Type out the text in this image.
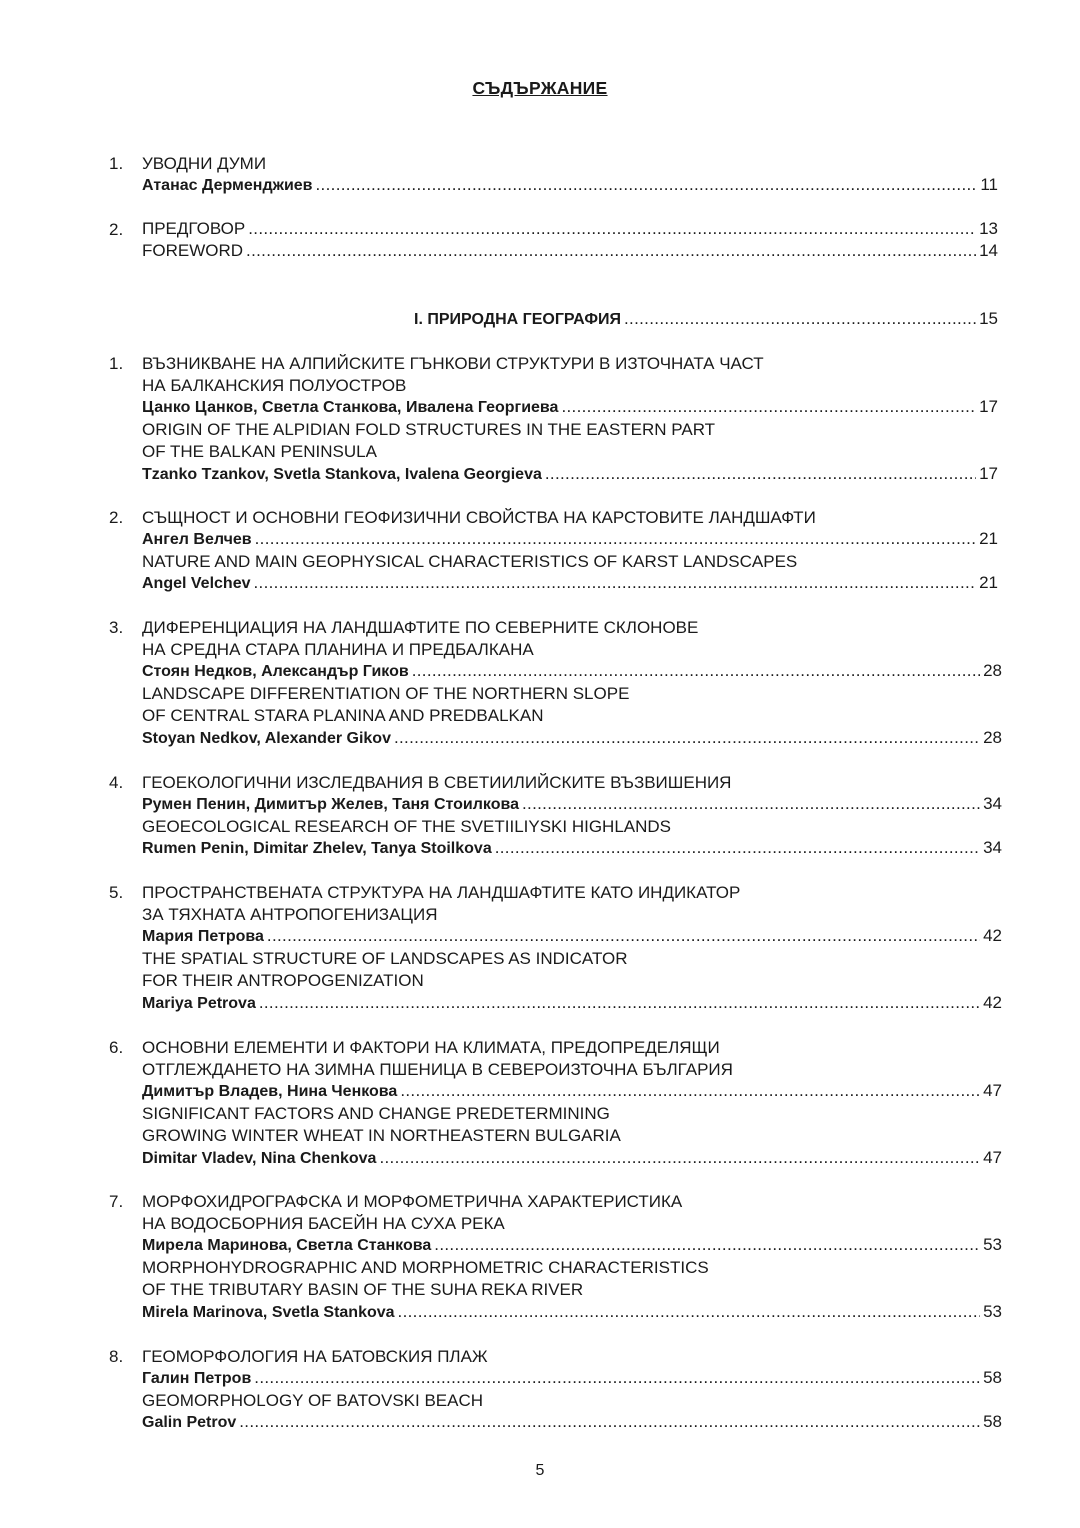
СЪДЪРЖАНИЕ
1. УВОДНИ ДУМИ
Атанас Дерменджиев . . .	11
2. ПРЕДГОВОР . . .	13
FOREWORD . . .	14
I. ПРИРОДНА ГЕОГРАФИЯ . . .	15
1. ВЪЗНИКВАНЕ НА АЛПИЙСКИТЕ ГЪНКОВИ СТРУКТУРИ В ИЗТОЧНАТА ЧАСТ
НА БАЛКАНСКИЯ ПОЛУОСТРОВ
Цанко Цанков, Светла Станкова, Ивалена Георгиева . . .	17
ORIGIN OF THE ALPIDIAN FOLD STRUCTURES IN THE EASTERN PART
OF THE BALKAN PENINSULA
Tzanko Tzankov, Svetla Stankova, Ivalena Georgieva . . .	17
2. СЪЩНОСТ И ОСНОВНИ ГЕОФИЗИЧНИ СВОЙСТВА НА КАРСТОВИТЕ ЛАНДШАФТИ
Ангел Велчев . . .	21
NATURE AND MAIN GEOPHYSICAL CHARACTERISTICS OF KARST LANDSCAPES
Angel Velchev . . .	21
3. ДИФЕРЕНЦИАЦИЯ НА ЛАНДШАФТИТЕ ПО СЕВЕРНИТЕ СКЛОНОВЕ
НА СРЕДНА СТАРА ПЛАНИНА И ПРЕДБАЛКАНА
Стоян Недков, Александър Гиков . . .	28
LANDSCAPE DIFFERENTIATION OF THE NORTHERN SLOPE
OF CENTRAL STARA PLANINA AND PREDBALKAN
Stoyan Nedkov, Alexander Gikov . . .	28
4. ГЕОЕКОЛОГИЧНИ ИЗСЛЕДВАНИЯ В СВЕТИИЛИЙСКИТЕ ВЪЗВИШЕНИЯ
Румен Пенин, Димитър Желев, Таня Стоилкова . . .	34
GEOECOLOGICAL RESEARCH OF THE SVETIILIYSKI HIGHLANDS
Rumen Penin, Dimitar Zhelev, Tanya Stoilkova . . .	34
5. ПРОСТРАНСТВЕНАТА СТРУКТУРА НА ЛАНДШАФТИТЕ КАТО ИНДИКАТОР
ЗА ТЯХНАТА АНТРОПОГЕНИЗАЦИЯ
Мария Петрова . . .	42
THE SPATIAL STRUCTURE OF LANDSCAPES AS INDICATOR
FOR THEIR ANTROPOGENIZATION
Mariya Petrova . . .	42
6. ОСНОВНИ ЕЛЕМЕНТИ И ФАКТОРИ НА КЛИМАТА, ПРЕДОПРЕДЕЛЯЩИ
ОТГЛЕЖДАНЕТО НА ЗИМНА ПШЕНИЦА В СЕВЕРОИЗТОЧНА БЪЛГАРИЯ
Димитър Владев, Нина Ченкова . . .	47
SIGNIFICANT FACTORS AND CHANGE PREDETERMINING
GROWING WINTER WHEAT IN NORTHEASTERN BULGARIA
Dimitar Vladev, Nina Chenkova . . .	47
7. МОРФОХИДРОГРАФСКА И МОРФОМЕТРИЧНА ХАРАКТЕРИСТИКА
НА ВОДОСБОРНИЯ БАСЕЙН НА СУХА РЕКА
Мирела Маринова, Светла Станкова . . .	53
MORPHOHYDROGRAPHIC AND MORPHOMETRIC CHARACTERISTICS
OF THE TRIBUTARY BASIN OF THE SUHA REKA RIVER
Mirela Marinova, Svetla Stankova . . .	53
8. ГЕОМОРФОЛОГИЯ НА БАТОВСКИЯ ПЛАЖ
Галин Петров . . .	58
GEOMORPHOLOGY OF BATOVSKI BEACH
Galin Petrov . . .	58
5
